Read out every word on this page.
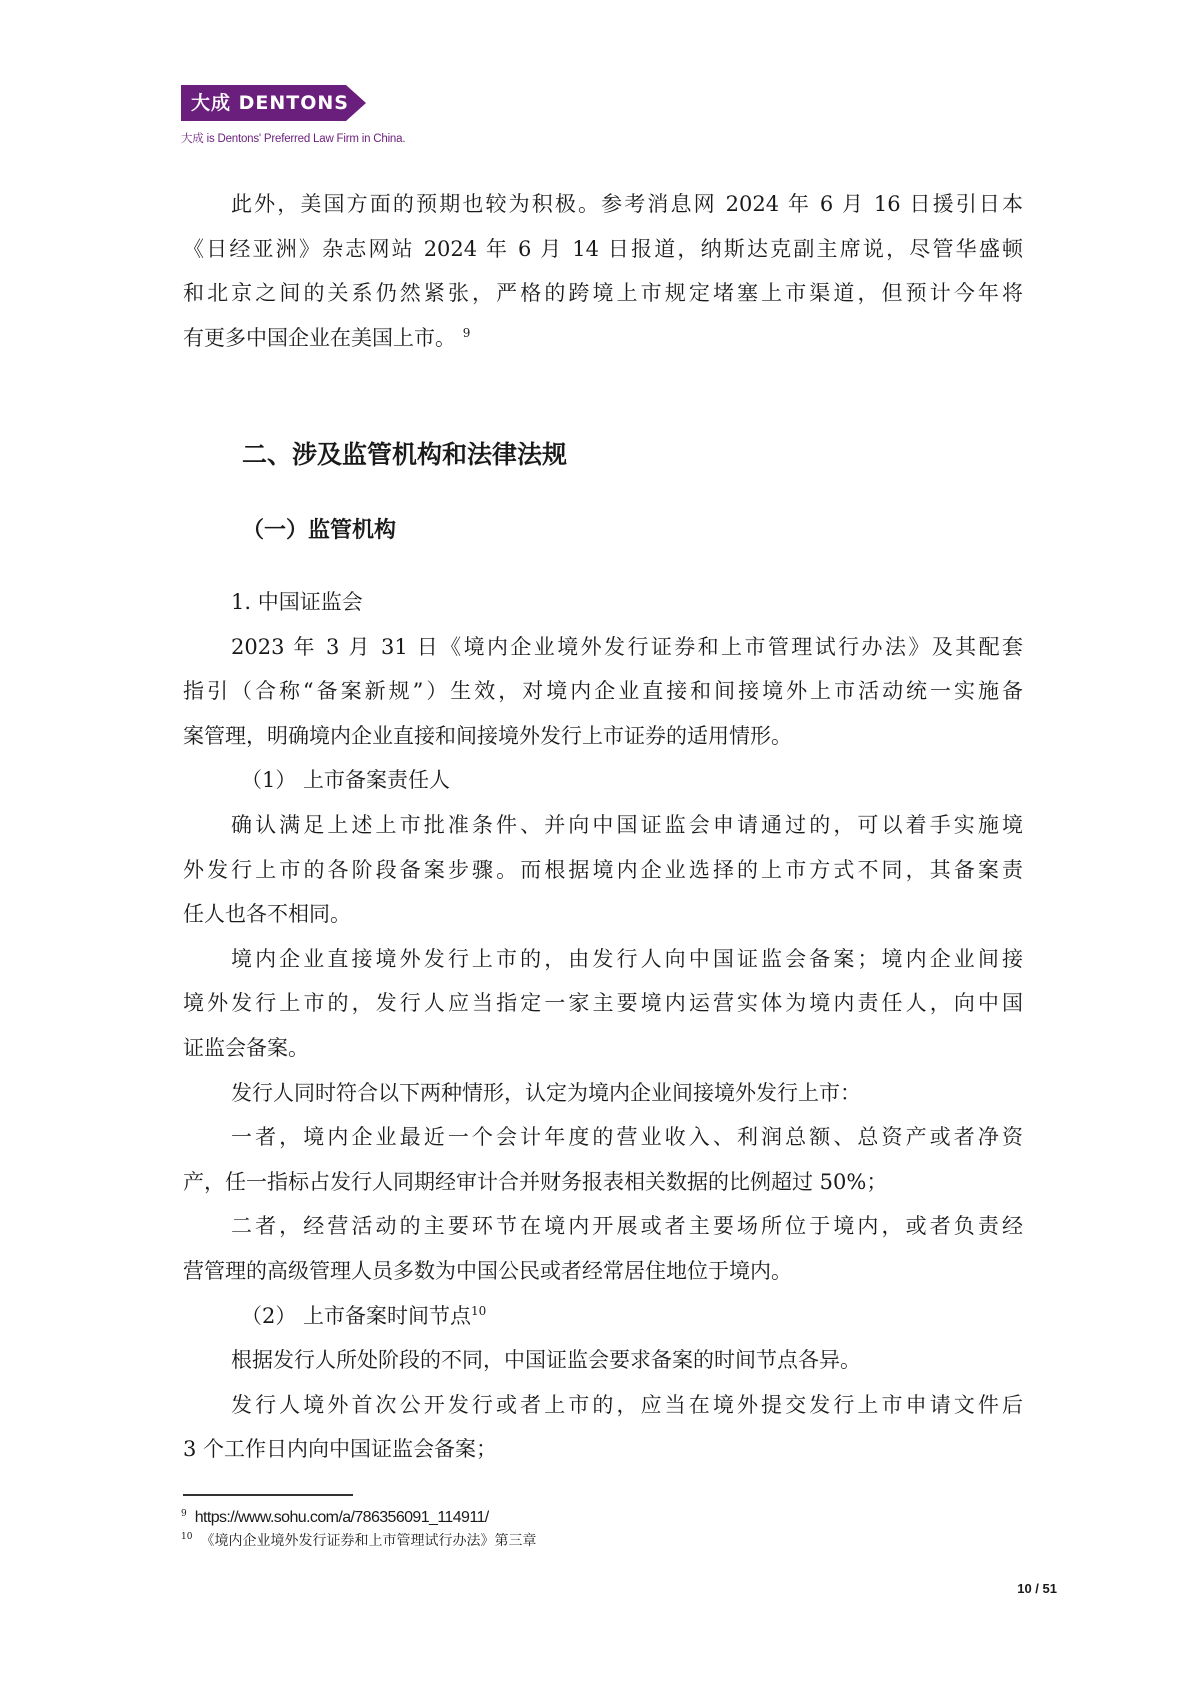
大成 DENTONS
大成 is Dentons' Preferred Law Firm in China.
此外，美国方面的预期也较为积极。参考消息网 2024 年 6 月 16 日援引日本
《日经亚洲》杂志网站 2024 年 6 月 14 日报道，纳斯达克副主席说，尽管华盛顿
和北京之间的关系仍然紧张，严格的跨境上市规定堵塞上市渠道，但预计今年将
有更多中国企业在美国上市。 $^9$
二、涉及监管机构和法律法规
（一）监管机构
1. 中国证监会
2023 年 3 月 31 日《境内企业境外发行证券和上市管理试行办法》及其配套
指引（合称“备案新规”）生效，对境内企业直接和间接境外上市活动统一实施备
案管理，明确境内企业直接和间接境外发行上市证券的适用情形。
（1） 上市备案责任人
确认满足上述上市批准条件、并向中国证监会申请通过的，可以着手实施境
外发行上市的各阶段备案步骤。而根据境内企业选择的上市方式不同，其备案责
任人也各不相同。
境内企业直接境外发行上市的，由发行人向中国证监会备案；境内企业间接
境外发行上市的，发行人应当指定一家主要境内运营实体为境内责任人，向中国
证监会备案。
发行人同时符合以下两种情形，认定为境内企业间接境外发行上市：
一者，境内企业最近一个会计年度的营业收入、利润总额、总资产或者净资
产，任一指标占发行人同期经审计合并财务报表相关数据的比例超过 50%；
二者，经营活动的主要环节在境内开展或者主要场所位于境内，或者负责经
营管理的高级管理人员多数为中国公民或者经常居住地位于境内。
（2） 上市备案时间节点$^{10}$
根据发行人所处阶段的不同，中国证监会要求备案的时间节点各异。
发行人境外首次公开发行或者上市的，应当在境外提交发行上市申请文件后
3 个工作日内向中国证监会备案；
$^9$ https://www.sohu.com/a/786356091_114911/
$^{10}$ 《境内企业境外发行证券和上市管理试行办法》第三章
10 / 51
